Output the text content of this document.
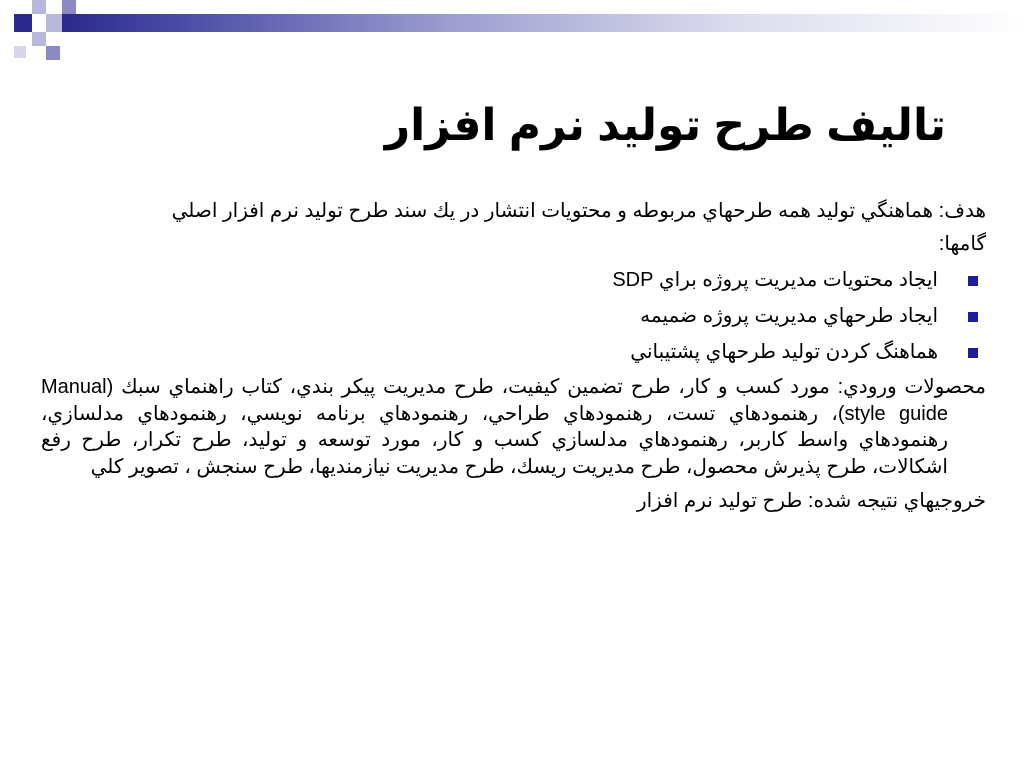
تاليف طرح توليد نرم افزار
هدف: هماهنگي توليد همه طرحهاي مربوطه و محتويات انتشار در يك سند طرح توليد نرم افزار اصلي
گامها:
ايجاد محتويات مديريت پروژه براي SDP
ايجاد طرحهاي مديريت پروژه ضميمه
هماهنگ كردن توليد طرحهاي پشتيباني
محصولات ورودي: مورد كسب و كار، طرح تضمين كيفيت، طرح مديريت پيكر بندي، كتاب راهنماي سبك (Manual style guide)، رهنمودهاي تست، رهنمودهاي طراحي، رهنمودهاي برنامه نويسي، رهنمودهاي مدلسازي، رهنمودهاي واسط كاربر، رهنمودهاي مدلسازي كسب و كار، مورد توسعه و توليد، طرح تكرار، طرح رفع اشكالات، طرح پذيرش محصول، طرح مديريت ريسك، طرح مديريت نيازمنديها، طرح سنجش ، تصوير كلي
خروجيهاي نتيجه شده: طرح توليد نرم افزار
